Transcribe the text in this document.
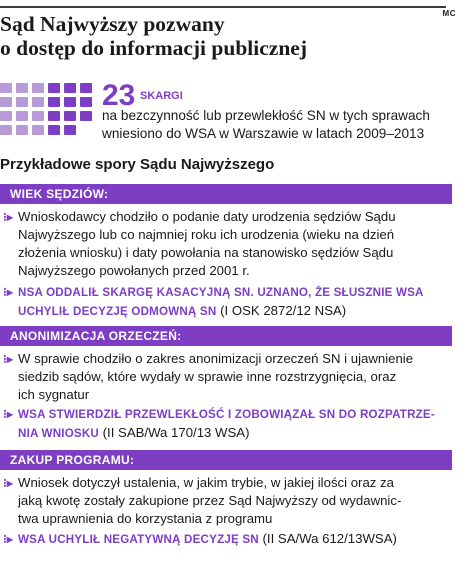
MC
Sąd Najwyższy pozwany
o dostęp do informacji publicznej
23 SKARGI
na bezczynność lub przewlekłość SN w tych sprawach
wniesiono do WSA w Warszawie w latach 2009–2013
Przykładowe spory Sądu Najwyższego
WIEK SĘDZIÓW:
⁝▸ Wnioskodawcy chodziło o podanie daty urodzenia sędziów Sądu
Najwyższego lub co najmniej roku ich urodzenia (wieku na dzień
złożenia wniosku) i daty powołania na stanowisko sędziów Sądu
Najwyższego powołanych przed 2001 r.
⁝▸ NSA ODDALIŁ SKARGĘ KASACYJNĄ SN. UZNANO, ŻE SŁUSZNIE WSA
UCHYLIŁ DECYZJĘ ODMOWNĄ SN (I OSK 2872/12 NSA)
ANONIMIZACJA ORZECZEŃ:
⁝▸ W sprawie chodziło o zakres anonimizacji orzeczeń SN i ujawnienie
siedzib sądów, które wydały w sprawie inne rozstrzygnięcia, oraz
ich sygnatur
⁝▸ WSA STWIERDZIŁ PRZEWLEKŁOŚĆ I ZOBOWIĄZAŁ SN DO ROZPATRZE-
NIA WNIOSKU (II SAB/Wa 170/13 WSA)
ZAKUP PROGRAMU:
⁝▸ Wniosek dotyczył ustalenia, w jakim trybie, w jakiej ilości oraz za
jaką kwotę zostały zakupione przez Sąd Najwyższy od wydawnic-
twa uprawnienia do korzystania z programu
⁝▸ WSA UCHYLIŁ NEGATYWNĄ DECYZJĘ SN (II SA/Wa 612/13WSA)
